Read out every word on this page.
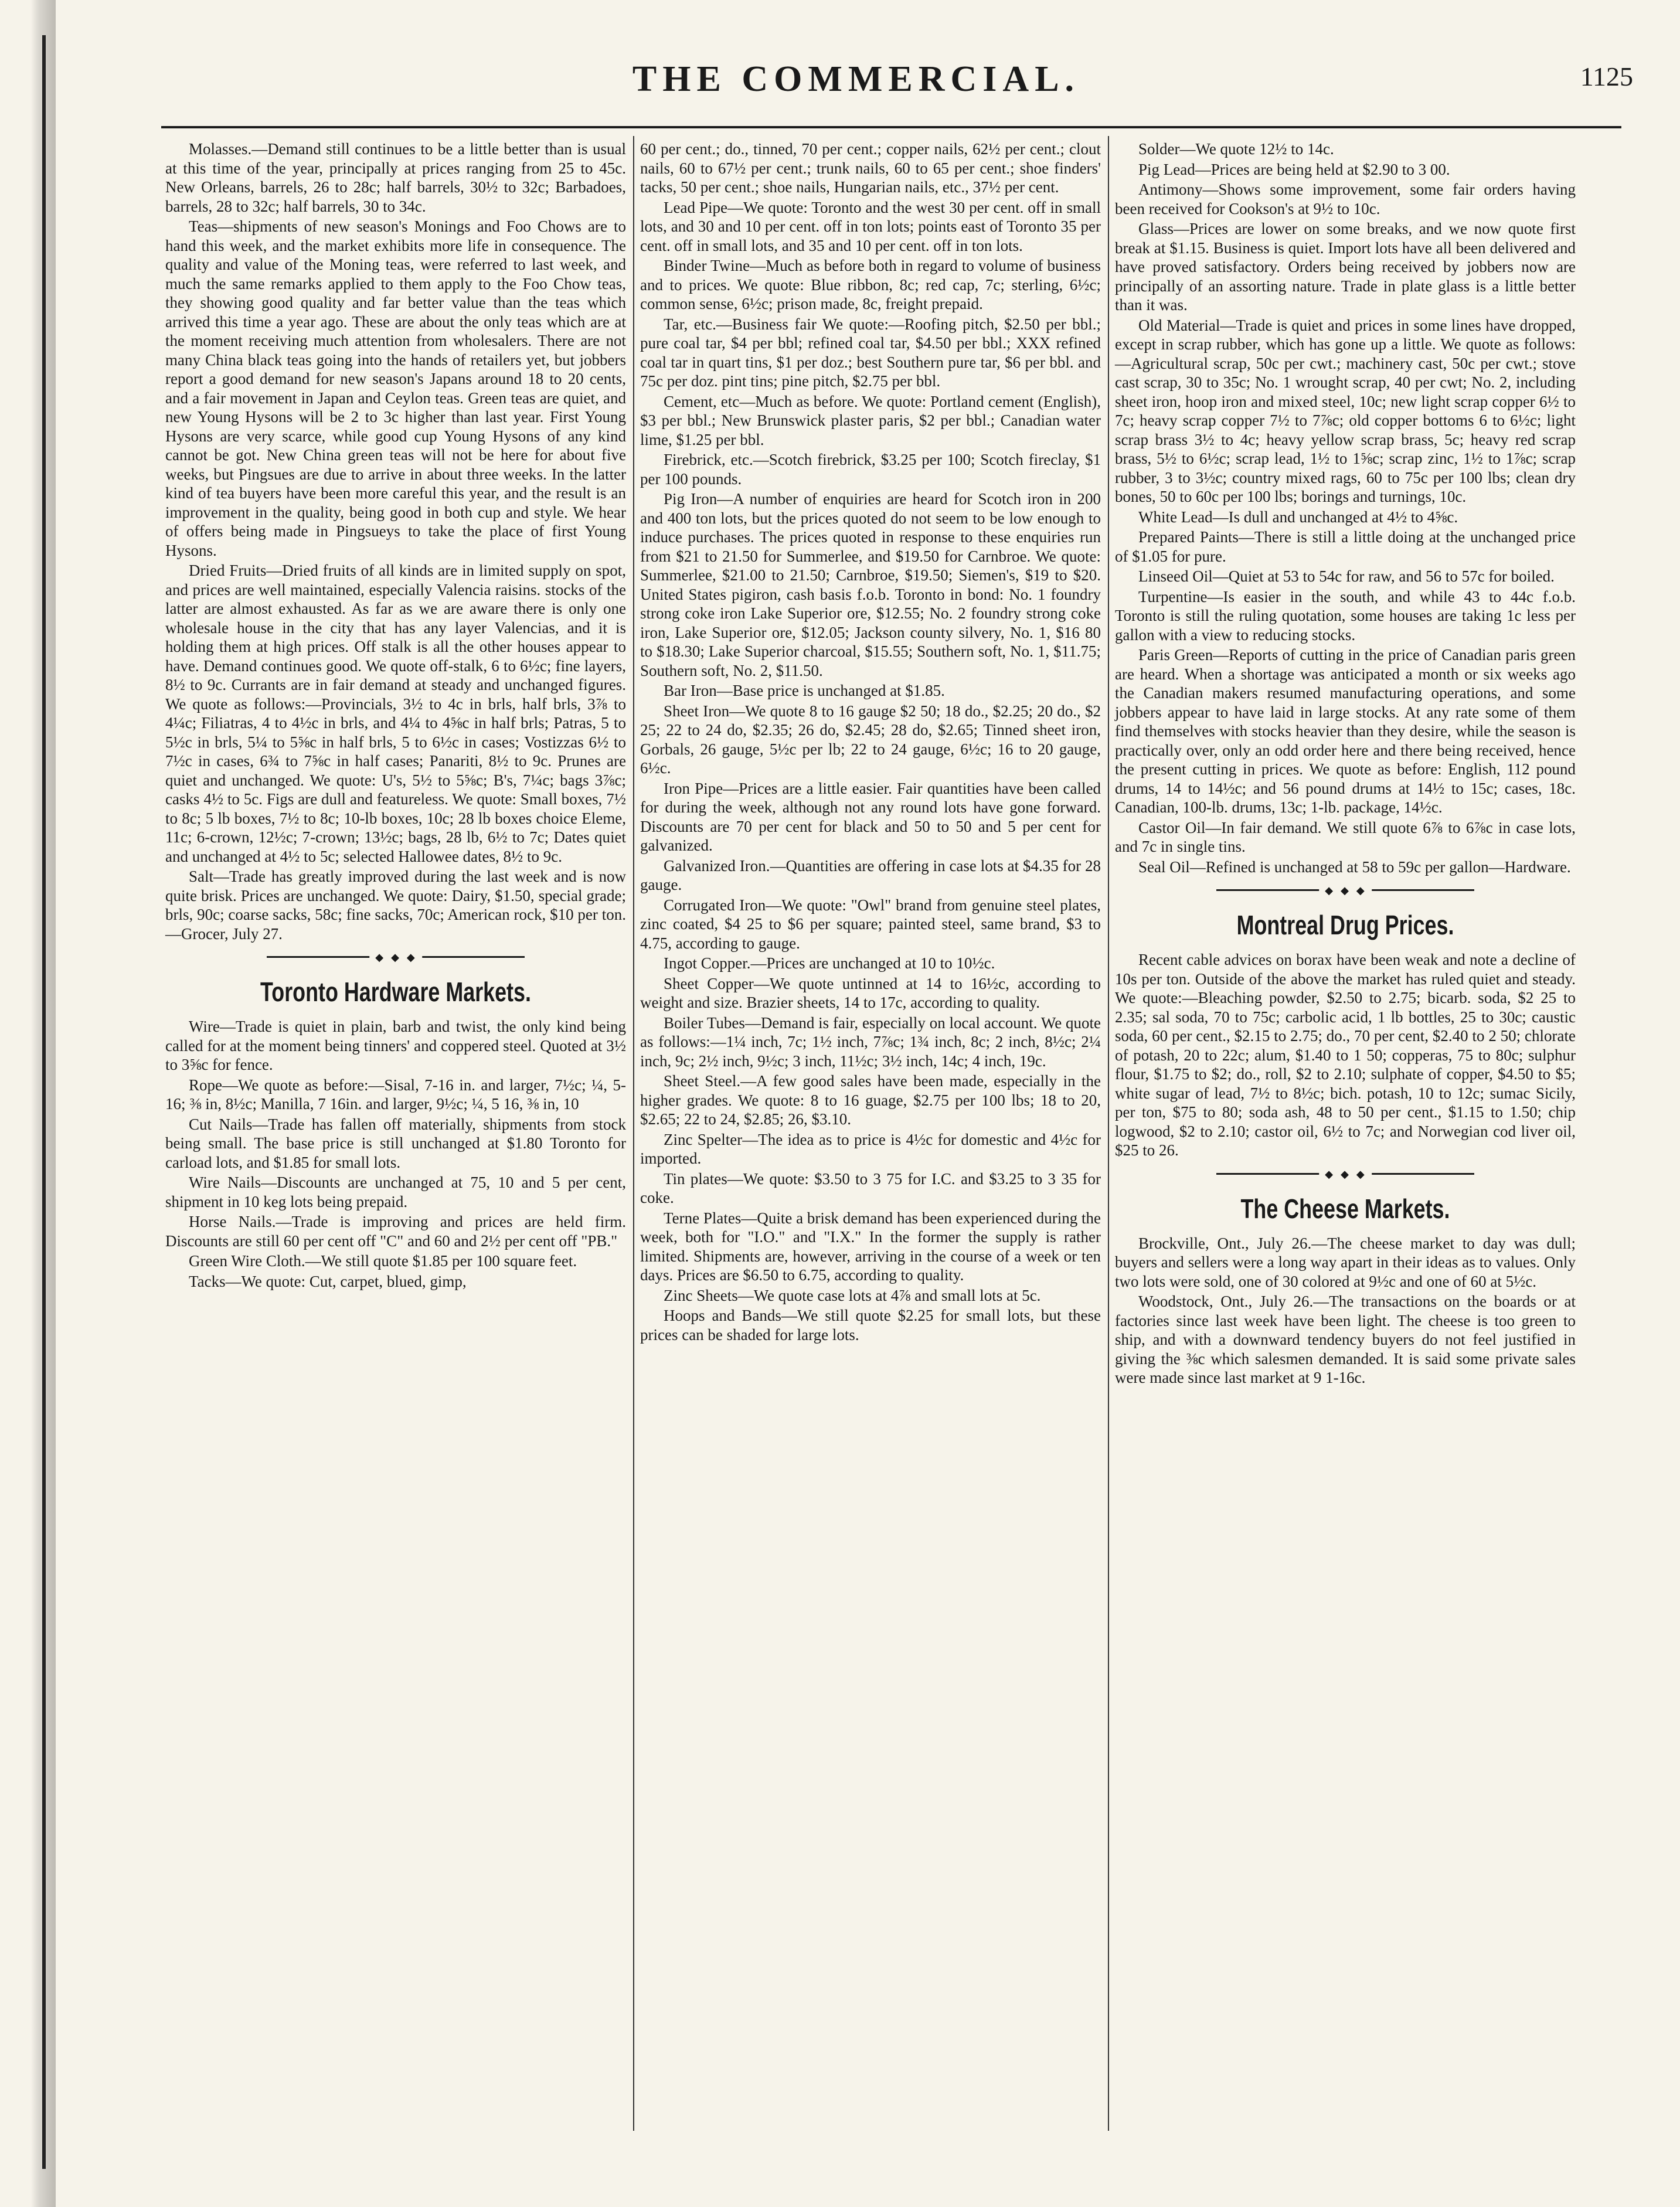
THE COMMERCIAL.	1125

Molasses.—Demand still continues to be a little better than is usual at this time of the year, principally at prices ranging from 25 to 45c. New Orleans, barrels, 26 to 28c; half barrels, 30½ to 32c; Barbadoes, barrels, 28 to 32c; half barrels, 30 to 34c.

Teas—shipments of new season's Monings and Foo Chows are to hand this week, and the market exhibits more life in consequence. The quality and value of the Moning teas, were referred to last week, and much the same remarks applied to them apply to the Foo Chow teas, they showing good quality and far better value than the teas which arrived this time a year ago. These are about the only teas which are at the moment receiving much attention from wholesalers. There are not many China black teas going into the hands of retailers yet, but jobbers report a good demand for new season's Japans around 18 to 20 cents, and a fair movement in Japan and Ceylon teas. Green teas are quiet, and new Young Hysons will be 2 to 3c higher than last year. First Young Hysons are very scarce, while good cup Young Hysons of any kind cannot be got. New China green teas will not be here for about five weeks, but Pingsues are due to arrive in about three weeks. In the latter kind of tea buyers have been more careful this year, and the result is an improvement in the quality, being good in both cup and style. We hear of offers being made in Pingsueys to take the place of first Young Hysons.

Dried Fruits—Dried fruits of all kinds are in limited supply on spot, and prices are well maintained, especially Valencia raisins. stocks of the latter are almost exhausted. As far as we are aware there is only one wholesale house in the city that has any layer Valencias, and it is holding them at high prices. Off stalk is all the other houses appear to have. Demand continues good. We quote off-stalk, 6 to 6½c; fine layers, 8½ to 9c. Currants are in fair demand at steady and unchanged figures. We quote as follows:—Provincials, 3½ to 4c in brls, half brls, 3⅞ to 4¼c; Filiatras, 4 to 4½c in brls, and 4¼ to 4⅝c in half brls; Patras, 5 to 5½c in brls, 5¼ to 5⅝c in half brls, 5 to 6½c in cases; Vostizzas 6½ to 7½c in cases, 6¾ to 7⅝c in half cases; Panariti, 8½ to 9c. Prunes are quiet and unchanged. We quote: U's, 5½ to 5⅝c; B's, 7¼c; bags 3⅞c; casks 4½ to 5c. Figs are dull and featureless. We quote: Small boxes, 7½ to 8c; 5 lb boxes, 7½ to 8c; 10-lb boxes, 10c; 28 lb boxes choice Eleme, 11c; 6-crown, 12½c; 7-crown; 13½c; bags, 28 lb, 6½ to 7c; Dates quiet and unchanged at 4½ to 5c; selected Hallowee dates, 8½ to 9c.

Salt—Trade has greatly improved during the last week and is now quite brisk. Prices are unchanged. We quote: Dairy, $1.50, special grade; brls, 90c; coarse sacks, 58c; fine sacks, 70c; American rock, $10 per ton.—Grocer, July 27.

◆ ◆ ◆
Toronto Hardware Markets.

Wire—Trade is quiet in plain, barb and twist, the only kind being called for at the moment being tinners' and coppered steel. Quoted at 3½ to 3⅝c for fence.

Rope—We quote as before:—Sisal, 7-16 in. and larger, 7½c; ¼, 5-16; ⅜ in, 8½c; Manilla, 7 16in. and larger, 9½c; ¼, 5 16, ⅜ in, 10

Cut Nails—Trade has fallen off materially, shipments from stock being small. The base price is still unchanged at $1.80 Toronto for carload lots, and $1.85 for small lots.

Wire Nails—Discounts are unchanged at 75, 10 and 5 per cent, shipment in 10 keg lots being prepaid.

Horse Nails.—Trade is improving and prices are held firm. Discounts are still 60 per cent off "C" and 60 and 2½ per cent off "PB."

Green Wire Cloth.—We still quote $1.85 per 100 square feet.

Tacks—We quote: Cut, carpet, blued, gimp,

60 per cent.; do., tinned, 70 per cent.; copper nails, 62½ per cent.; clout nails, 60 to 67½ per cent.; trunk nails, 60 to 65 per cent.; shoe finders' tacks, 50 per cent.; shoe nails, Hungarian nails, etc., 37½ per cent.

Lead Pipe—We quote: Toronto and the west 30 per cent. off in small lots, and 30 and 10 per cent. off in ton lots; points east of Toronto 35 per cent. off in small lots, and 35 and 10 per cent. off in ton lots.

Binder Twine—Much as before both in regard to volume of business and to prices. We quote: Blue ribbon, 8c; red cap, 7c; sterling, 6½c; common sense, 6½c; prison made, 8c, freight prepaid.

Tar, etc.—Business fair We quote:—Roofing pitch, $2.50 per bbl.; pure coal tar, $4 per bbl; refined coal tar, $4.50 per bbl.; XXX refined coal tar in quart tins, $1 per doz.; best Southern pure tar, $6 per bbl. and 75c per doz. pint tins; pine pitch, $2.75 per bbl.

Cement, etc—Much as before. We quote: Portland cement (English), $3 per bbl.; New Brunswick plaster paris, $2 per bbl.; Canadian water lime, $1.25 per bbl.

Firebrick, etc.—Scotch firebrick, $3.25 per 100; Scotch fireclay, $1 per 100 pounds.

Pig Iron—A number of enquiries are heard for Scotch iron in 200 and 400 ton lots, but the prices quoted do not seem to be low enough to induce purchases. The prices quoted in response to these enquiries run from $21 to 21.50 for Summerlee, and $19.50 for Carnbroe. We quote: Summerlee, $21.00 to 21.50; Carnbroe, $19.50; Siemen's, $19 to $20. United States pigiron, cash basis f.o.b. Toronto in bond: No. 1 foundry strong coke iron Lake Superior ore, $12.55; No. 2 foundry strong coke iron, Lake Superior ore, $12.05; Jackson county silvery, No. 1, $16 80 to $18.30; Lake Superior charcoal, $15.55; Southern soft, No. 1, $11.75; Southern soft, No. 2, $11.50.

Bar Iron—Base price is unchanged at $1.85.

Sheet Iron—We quote 8 to 16 gauge $2 50; 18 do., $2.25; 20 do., $2 25; 22 to 24 do, $2.35; 26 do, $2.45; 28 do, $2.65; Tinned sheet iron, Gorbals, 26 gauge, 5½c per lb; 22 to 24 gauge, 6½c; 16 to 20 gauge, 6½c.

Iron Pipe—Prices are a little easier. Fair quantities have been called for during the week, although not any round lots have gone forward. Discounts are 70 per cent for black and 50 to 50 and 5 per cent for galvanized.

Galvanized Iron.—Quantities are offering in case lots at $4.35 for 28 gauge.

Corrugated Iron—We quote: "Owl" brand from genuine steel plates, zinc coated, $4 25 to $6 per square; painted steel, same brand, $3 to 4.75, according to gauge.

Ingot Copper.—Prices are unchanged at 10 to 10½c.

Sheet Copper—We quote untinned at 14 to 16½c, according to weight and size. Brazier sheets, 14 to 17c, according to quality.

Boiler Tubes—Demand is fair, especially on local account. We quote as follows:—1¼ inch, 7c; 1½ inch, 7⅞c; 1¾ inch, 8c; 2 inch, 8½c; 2¼ inch, 9c; 2½ inch, 9½c; 3 inch, 11½c; 3½ inch, 14c; 4 inch, 19c.

Sheet Steel.—A few good sales have been made, especially in the higher grades. We quote: 8 to 16 guage, $2.75 per 100 lbs; 18 to 20, $2.65; 22 to 24, $2.85; 26, $3.10.

Zinc Spelter—The idea as to price is 4½c for domestic and 4½c for imported.

Tin plates—We quote: $3.50 to 3 75 for I.C. and $3.25 to 3 35 for coke.

Terne Plates—Quite a brisk demand has been experienced during the week, both for "I.O." and "I.X." In the former the supply is rather limited. Shipments are, however, arriving in the course of a week or ten days. Prices are $6.50 to 6.75, according to quality.

Zinc Sheets—We quote case lots at 4⅞ and small lots at 5c.

Hoops and Bands—We still quote $2.25 for small lots, but these prices can be shaded for large lots.

Solder—We quote 12½ to 14c.

Pig Lead—Prices are being held at $2.90 to 3 00.

Antimony—Shows some improvement, some fair orders having been received for Cookson's at 9½ to 10c.

Glass—Prices are lower on some breaks, and we now quote first break at $1.15. Business is quiet. Import lots have all been delivered and have proved satisfactory. Orders being received by jobbers now are principally of an assorting nature. Trade in plate glass is a little better than it was.

Old Material—Trade is quiet and prices in some lines have dropped, except in scrap rubber, which has gone up a little. We quote as follows:—Agricultural scrap, 50c per cwt.; machinery cast, 50c per cwt.; stove cast scrap, 30 to 35c; No. 1 wrought scrap, 40 per cwt; No. 2, including sheet iron, hoop iron and mixed steel, 10c; new light scrap copper 6½ to 7c; heavy scrap copper 7½ to 7⅞c; old copper bottoms 6 to 6½c; light scrap brass 3½ to 4c; heavy yellow scrap brass, 5c; heavy red scrap brass, 5½ to 6½c; scrap lead, 1½ to 1⅝c; scrap zinc, 1½ to 1⅞c; scrap rubber, 3 to 3½c; country mixed rags, 60 to 75c per 100 lbs; clean dry bones, 50 to 60c per 100 lbs; borings and turnings, 10c.

White Lead—Is dull and unchanged at 4½ to 4⅝c.

Prepared Paints—There is still a little doing at the unchanged price of $1.05 for pure.

Linseed Oil—Quiet at 53 to 54c for raw, and 56 to 57c for boiled.

Turpentine—Is easier in the south, and while 43 to 44c f.o.b. Toronto is still the ruling quotation, some houses are taking 1c less per gallon with a view to reducing stocks.

Paris Green—Reports of cutting in the price of Canadian paris green are heard. When a shortage was anticipated a month or six weeks ago the Canadian makers resumed manufacturing operations, and some jobbers appear to have laid in large stocks. At any rate some of them find themselves with stocks heavier than they desire, while the season is practically over, only an odd order here and there being received, hence the present cutting in prices. We quote as before: English, 112 pound drums, 14 to 14½c; and 56 pound drums at 14½ to 15c; cases, 18c. Canadian, 100-lb. drums, 13c; 1-lb. package, 14½c.

Castor Oil—In fair demand. We still quote 6⅞ to 6⅞c in case lots, and 7c in single tins.

Seal Oil—Refined is unchanged at 58 to 59c per gallon—Hardware.

◆ ◆ ◆
Montreal Drug Prices.

Recent cable advices on borax have been weak and note a decline of 10s per ton. Outside of the above the market has ruled quiet and steady. We quote:—Bleaching powder, $2.50 to 2.75; bicarb. soda, $2 25 to 2.35; sal soda, 70 to 75c; carbolic acid, 1 lb bottles, 25 to 30c; caustic soda, 60 per cent., $2.15 to 2.75; do., 70 per cent, $2.40 to 2 50; chlorate of potash, 20 to 22c; alum, $1.40 to 1 50; copperas, 75 to 80c; sulphur flour, $1.75 to $2; do., roll, $2 to 2.10; sulphate of copper, $4.50 to $5; white sugar of lead, 7½ to 8½c; bich. potash, 10 to 12c; sumac Sicily, per ton, $75 to 80; soda ash, 48 to 50 per cent., $1.15 to 1.50; chip logwood, $2 to 2.10; castor oil, 6½ to 7c; and Norwegian cod liver oil, $25 to 26.

◆ ◆ ◆
The Cheese Markets.

Brockville, Ont., July 26.—The cheese market to day was dull; buyers and sellers were a long way apart in their ideas as to values. Only two lots were sold, one of 30 colored at 9½c and one of 60 at 5½c.

Woodstock, Ont., July 26.—The transactions on the boards or at factories since last week have been light. The cheese is too green to ship, and with a downward tendency buyers do not feel justified in giving the ⅜c which salesmen demanded. It is said some private sales were made since last market at 9 1-16c.
